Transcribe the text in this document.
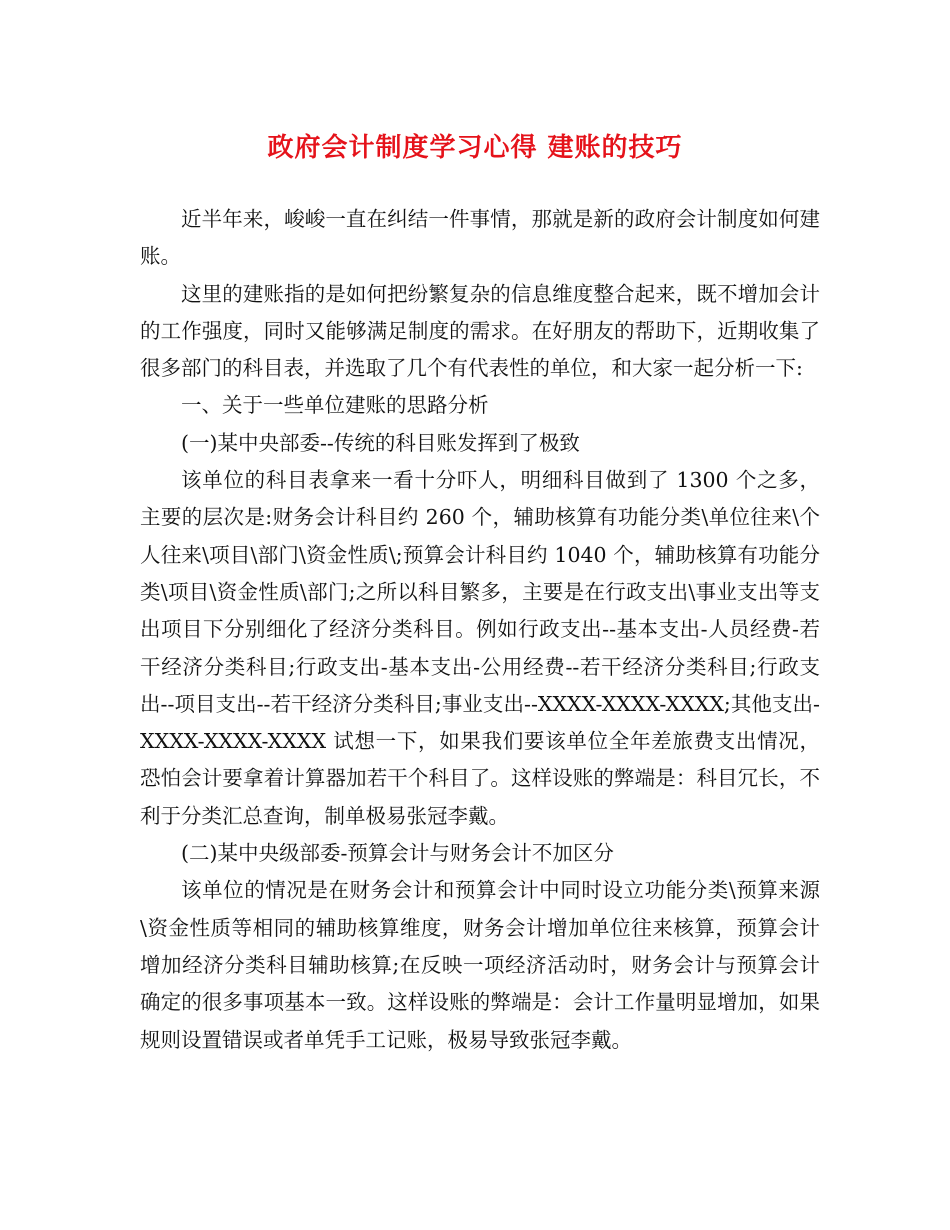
政府会计制度学习心得 建账的技巧

近半年来，峻峻一直在纠结一件事情，那就是新的政府会计制度如何建账。

这里的建账指的是如何把纷繁复杂的信息维度整合起来，既不增加会计的工作强度，同时又能够满足制度的需求。在好朋友的帮助下，近期收集了很多部门的科目表，并选取了几个有代表性的单位，和大家一起分析一下:

一、关于一些单位建账的思路分析

(一)某中央部委--传统的科目账发挥到了极致

该单位的科目表拿来一看十分吓人，明细科目做到了 1300 个之多，主要的层次是:财务会计科目约 260 个，辅助核算有功能分类\单位往来\个人往来\项目\部门\资金性质\;预算会计科目约 1040 个，辅助核算有功能分类\项目\资金性质\部门;之所以科目繁多，主要是在行政支出\事业支出等支出项目下分别细化了经济分类科目。例如行政支出--基本支出-人员经费-若干经济分类科目;行政支出-基本支出-公用经费--若干经济分类科目;行政支出--项目支出--若干经济分类科目;事业支出--XXXX-XXXX-XXXX;其他支出-XXXX-XXXX-XXXX 试想一下，如果我们要该单位全年差旅费支出情况，恐怕会计要拿着计算器加若干个科目了。这样设账的弊端是：科目冗长，不利于分类汇总查询，制单极易张冠李戴。

(二)某中央级部委-预算会计与财务会计不加区分

该单位的情况是在财务会计和预算会计中同时设立功能分类\预算来源\资金性质等相同的辅助核算维度，财务会计增加单位往来核算，预算会计增加经济分类科目辅助核算;在反映一项经济活动时，财务会计与预算会计确定的很多事项基本一致。这样设账的弊端是：会计工作量明显增加，如果规则设置错误或者单凭手工记账，极易导致张冠李戴。
